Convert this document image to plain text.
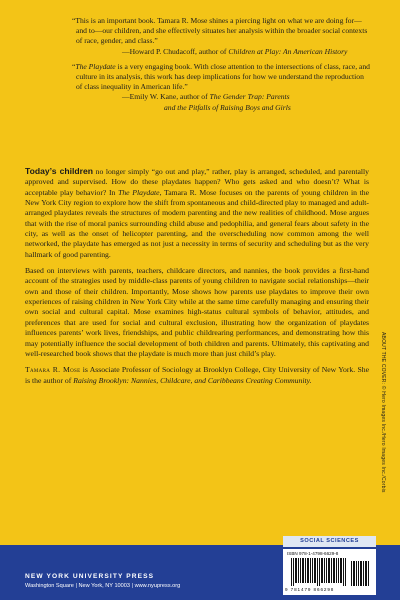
“This is an important book. Tamara R. Mose shines a piercing light on what we are doing for—and to—our children, and she effectively situates her analysis within the broader social contexts of race, gender, and class.”
—Howard P. Chudacoff, author of Children at Play: An American History

“The Playdate is a very engaging book. With close attention to the intersections of class, race, and culture in its analysis, this work has deep implications for how we understand the reproduction of class inequality in American life.”
—Emily W. Kane, author of The Gender Trap: Parents
and the Pitfalls of Raising Boys and Girls

Today’s children no longer simply “go out and play,” rather, play is arranged, scheduled, and parentally approved and supervised. How do these playdates happen? Who gets asked and who doesn’t? What is acceptable play behavior? In The Playdate, Tamara R. Mose focuses on the parents of young children in the New York City region to explore how the shift from spontaneous and child-directed play to managed and adult-arranged playdates reveals the structures of modern parenting and the new realities of childhood. Mose argues that with the rise of moral panics surrounding child abuse and pedophilia, and general fears about safety in the city, as well as the onset of helicopter parenting, and the overscheduling now common among the well networked, the playdate has emerged as not just a necessity in terms of security and scheduling but as the very hallmark of good parenting.

Based on interviews with parents, teachers, childcare directors, and nannies, the book provides a first-hand account of the strategies used by middle-class parents of young children to navigate social relationships—their own and those of their children. Importantly, Mose shows how parents use playdates to improve their own experiences of raising children in New York City while at the same time carefully managing and ensuring their own social and cultural capital. Mose examines high-status cultural symbols of behavior, attitudes, and preferences that are used for social and cultural exclusion, illustrating how the organization of playdates influences parents’ work lives, friendships, and public childrearing performances, and demonstrating how this may potentially influence the social development of both children and parents. Ultimately, this captivating and well-researched book shows that the playdate is much more than just child’s play.

Tamara R. Mose is Associate Professor of Sociology at Brooklyn College, City University of New York. She is the author of Raising Brooklyn: Nannies, Childcare, and Caribbeans Creating Community.	ABOUT THE COVER: © Hero Images Inc./Hero Images Inc./Corbis
NEW YORK UNIVERSITY PRESS
Washington Square | New York, NY 10003 | www.nyupress.org
SOCIAL SCIENCES
ISBN 978-1-4798-6629-8
9 781479 866298
